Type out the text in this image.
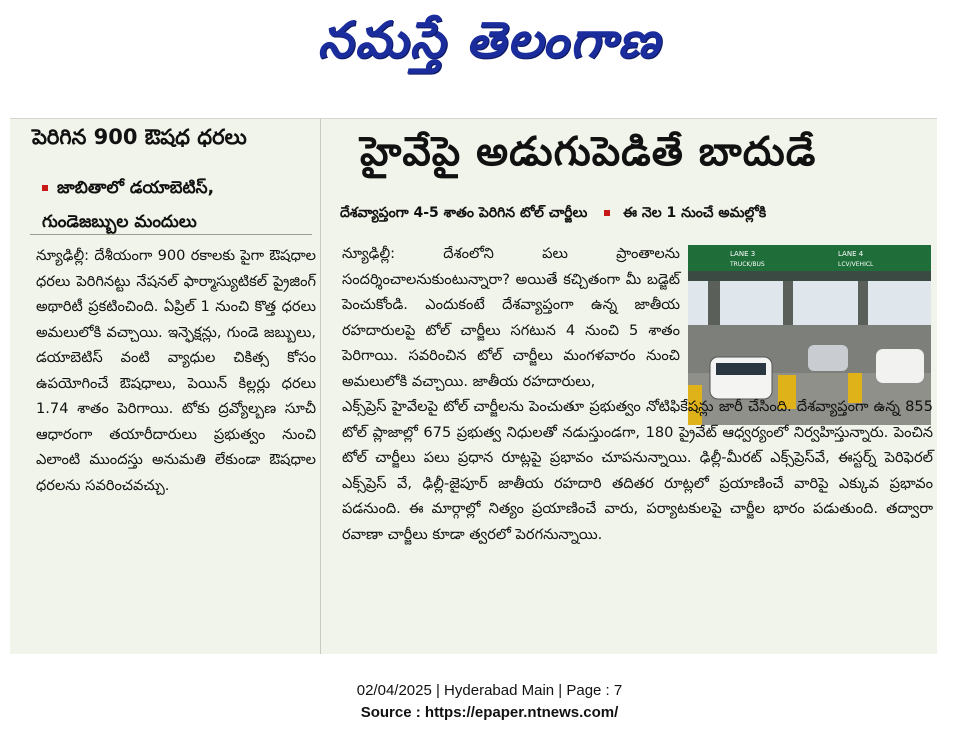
నమస్తే తెలంగాణ
పెరిగిన 900 ఔషధ ధరలు
జాబితాలో డయాబెటిస్,
గుండెజబ్బుల మందులు
న్యూఢిల్లీ: దేశీయంగా 900 రకాలకు పైగా ఔషధాల ధరలు పెరిగినట్టు నేషనల్ ఫార్మాస్యుటికల్ ప్రైజింగ్ అథారిటీ ప్రకటించింది. ఏప్రిల్ 1 నుంచి కొత్త ధరలు అమలులోకి వచ్చాయి. ఇన్ఫెక్షన్లు, గుండె జబ్బులు, డయాబెటిస్ వంటి వ్యాధుల చికిత్స కోసం ఉపయోగించే ఔషధాలు, పెయిన్ కిల్లర్లు ధరలు 1.74 శాతం పెరిగాయి. టోకు ద్రవ్యోల్బణ సూచీ ఆధారంగా తయారీదారులు ప్రభుత్వం నుంచి ఎలాంటి ముందస్తు అనుమతి లేకుండా ఔషధాల ధరలను సవరించవచ్చు.
హైవేపై అడుగుపెడితే బాదుడే
దేశవ్యాప్తంగా 4-5 శాతం పెరిగిన టోల్ చార్జీలు	ఈ నెల 1 నుంచే అమల్లోకి
LANE 3
TRUCK/BUS
LANE 4
LCV/VEHICL
న్యూఢిల్లీ: దేశంలోని పలు ప్రాంతాలను సందర్శించాలనుకుంటున్నారా? అయితే కచ్చితంగా మీ బడ్జెట్ పెంచుకోండి. ఎందుకంటే దేశవ్యాప్తంగా ఉన్న జాతీయ రహదారులపై టోల్ చార్జీలు సగటున 4 నుంచి 5 శాతం పెరిగాయి. సవరించిన టోల్ చార్జీలు మంగళవారం నుంచి అమలులోకి వచ్చాయి. జాతీయ రహదారులు,
ఎక్స్‌ప్రెస్ హైవేలపై టోల్ చార్జీలను పెంచుతూ ప్రభుత్వం నోటిఫికేషన్లు జారీ చేసింది. దేశవ్యాప్తంగా ఉన్న 855 టోల్ ప్లాజాల్లో 675 ప్రభుత్వ నిధులతో నడుస్తుండగా, 180 ప్రైవేట్ ఆధ్వర్యంలో నిర్వహిస్తున్నారు. పెంచిన టోల్ చార్జీలు పలు ప్రధాన రూట్లపై ప్రభావం చూపనున్నాయి. ఢిల్లీ-మీరట్ ఎక్స్‌ప్రెస్‌వే, ఈస్టర్న్ పెరిఫెరల్ ఎక్స్‌ప్రెస్ వే, ఢిల్లీ-జైపూర్ జాతీయ రహదారి తదితర రూట్లలో ప్రయాణించే వారిపై ఎక్కువ ప్రభావం పడనుంది. ఈ మార్గాల్లో నిత్యం ప్రయాణించే వారు, పర్యాటకులపై చార్జీల భారం పడుతుంది. తద్వారా రవాణా చార్జీలు కూడా త్వరలో పెరగనున్నాయి.
02/04/2025 | Hyderabad Main | Page : 7
Source : https://epaper.ntnews.com/
